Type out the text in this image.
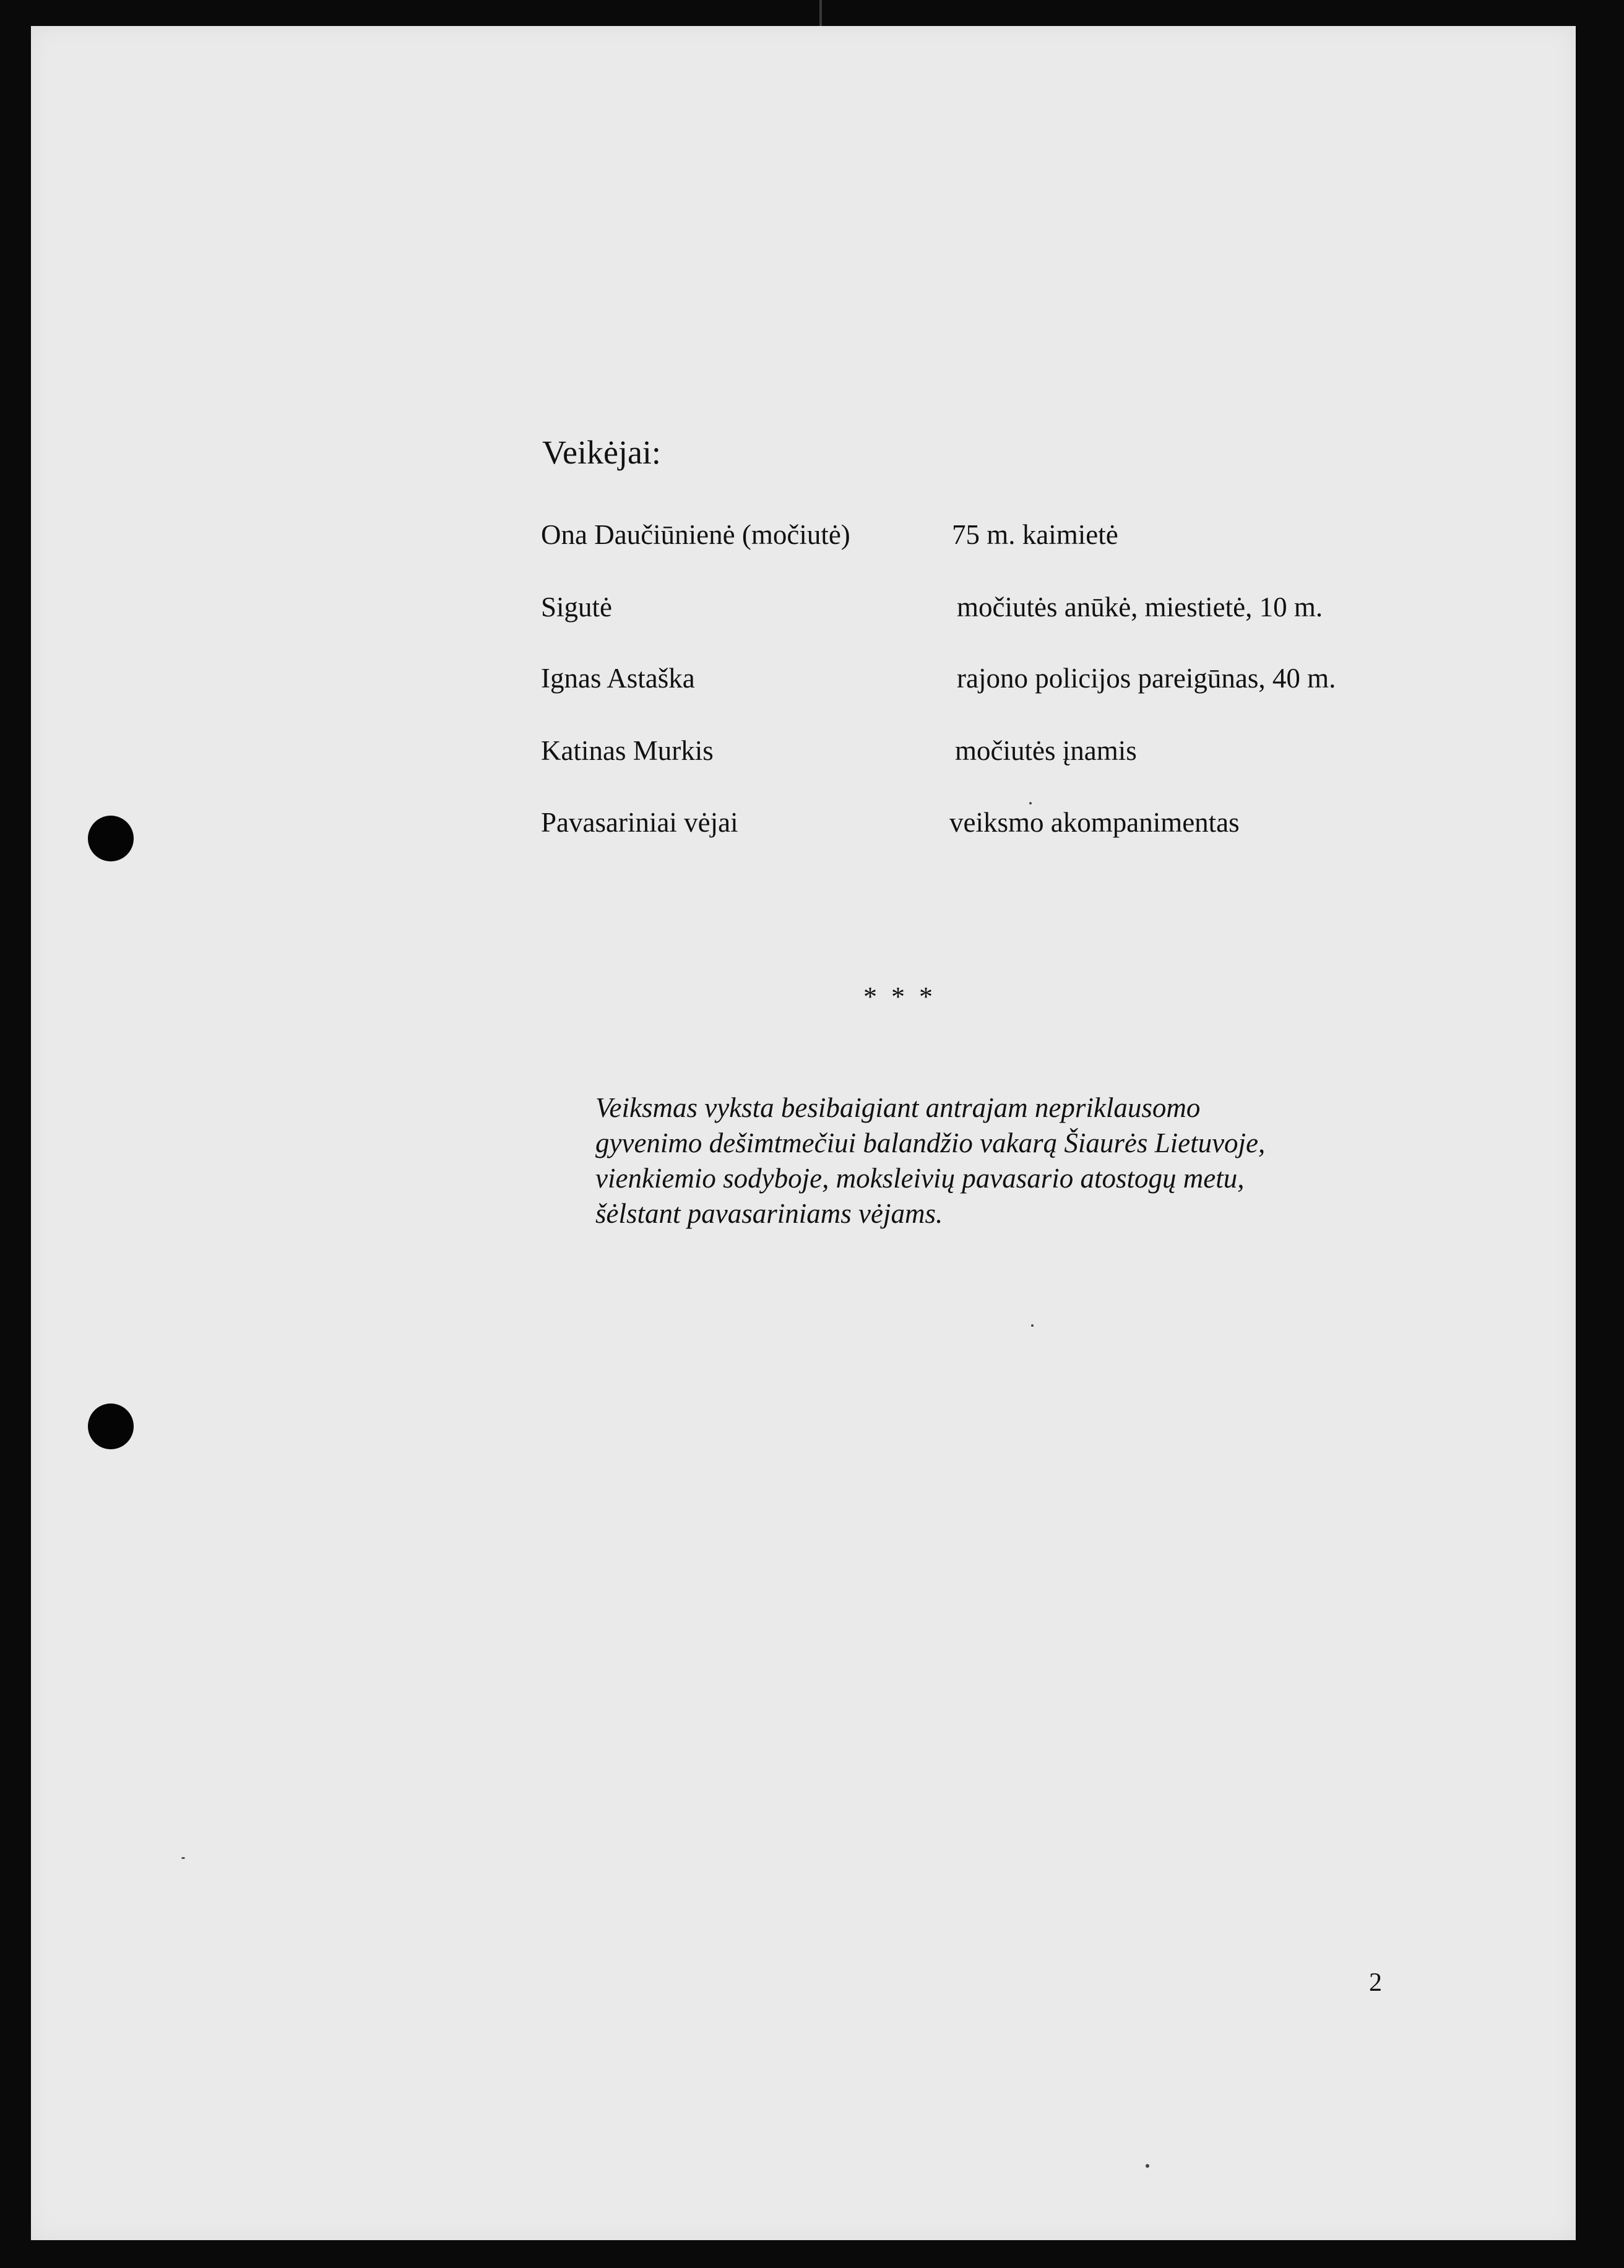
Veikėjai:
Ona Daučiūnienė (močiutė)	75 m. kaimietė
Sigutė	močiutės anūkė, miestietė, 10 m.
Ignas Astaška	rajono policijos pareigūnas, 40 m.
Katinas Murkis	močiutės įnamis
Pavasariniai vėjai	veiksmo akompanimentas
* * *

Veiksmas vyksta besibaigiant antrajam nepriklausomo
gyvenimo dešimtmečiui balandžio vakarą Šiaurės Lietuvoje,
vienkiemio sodyboje, moksleivių pavasario atostogų metu,
šėlstant pavasariniams vėjams.

2
